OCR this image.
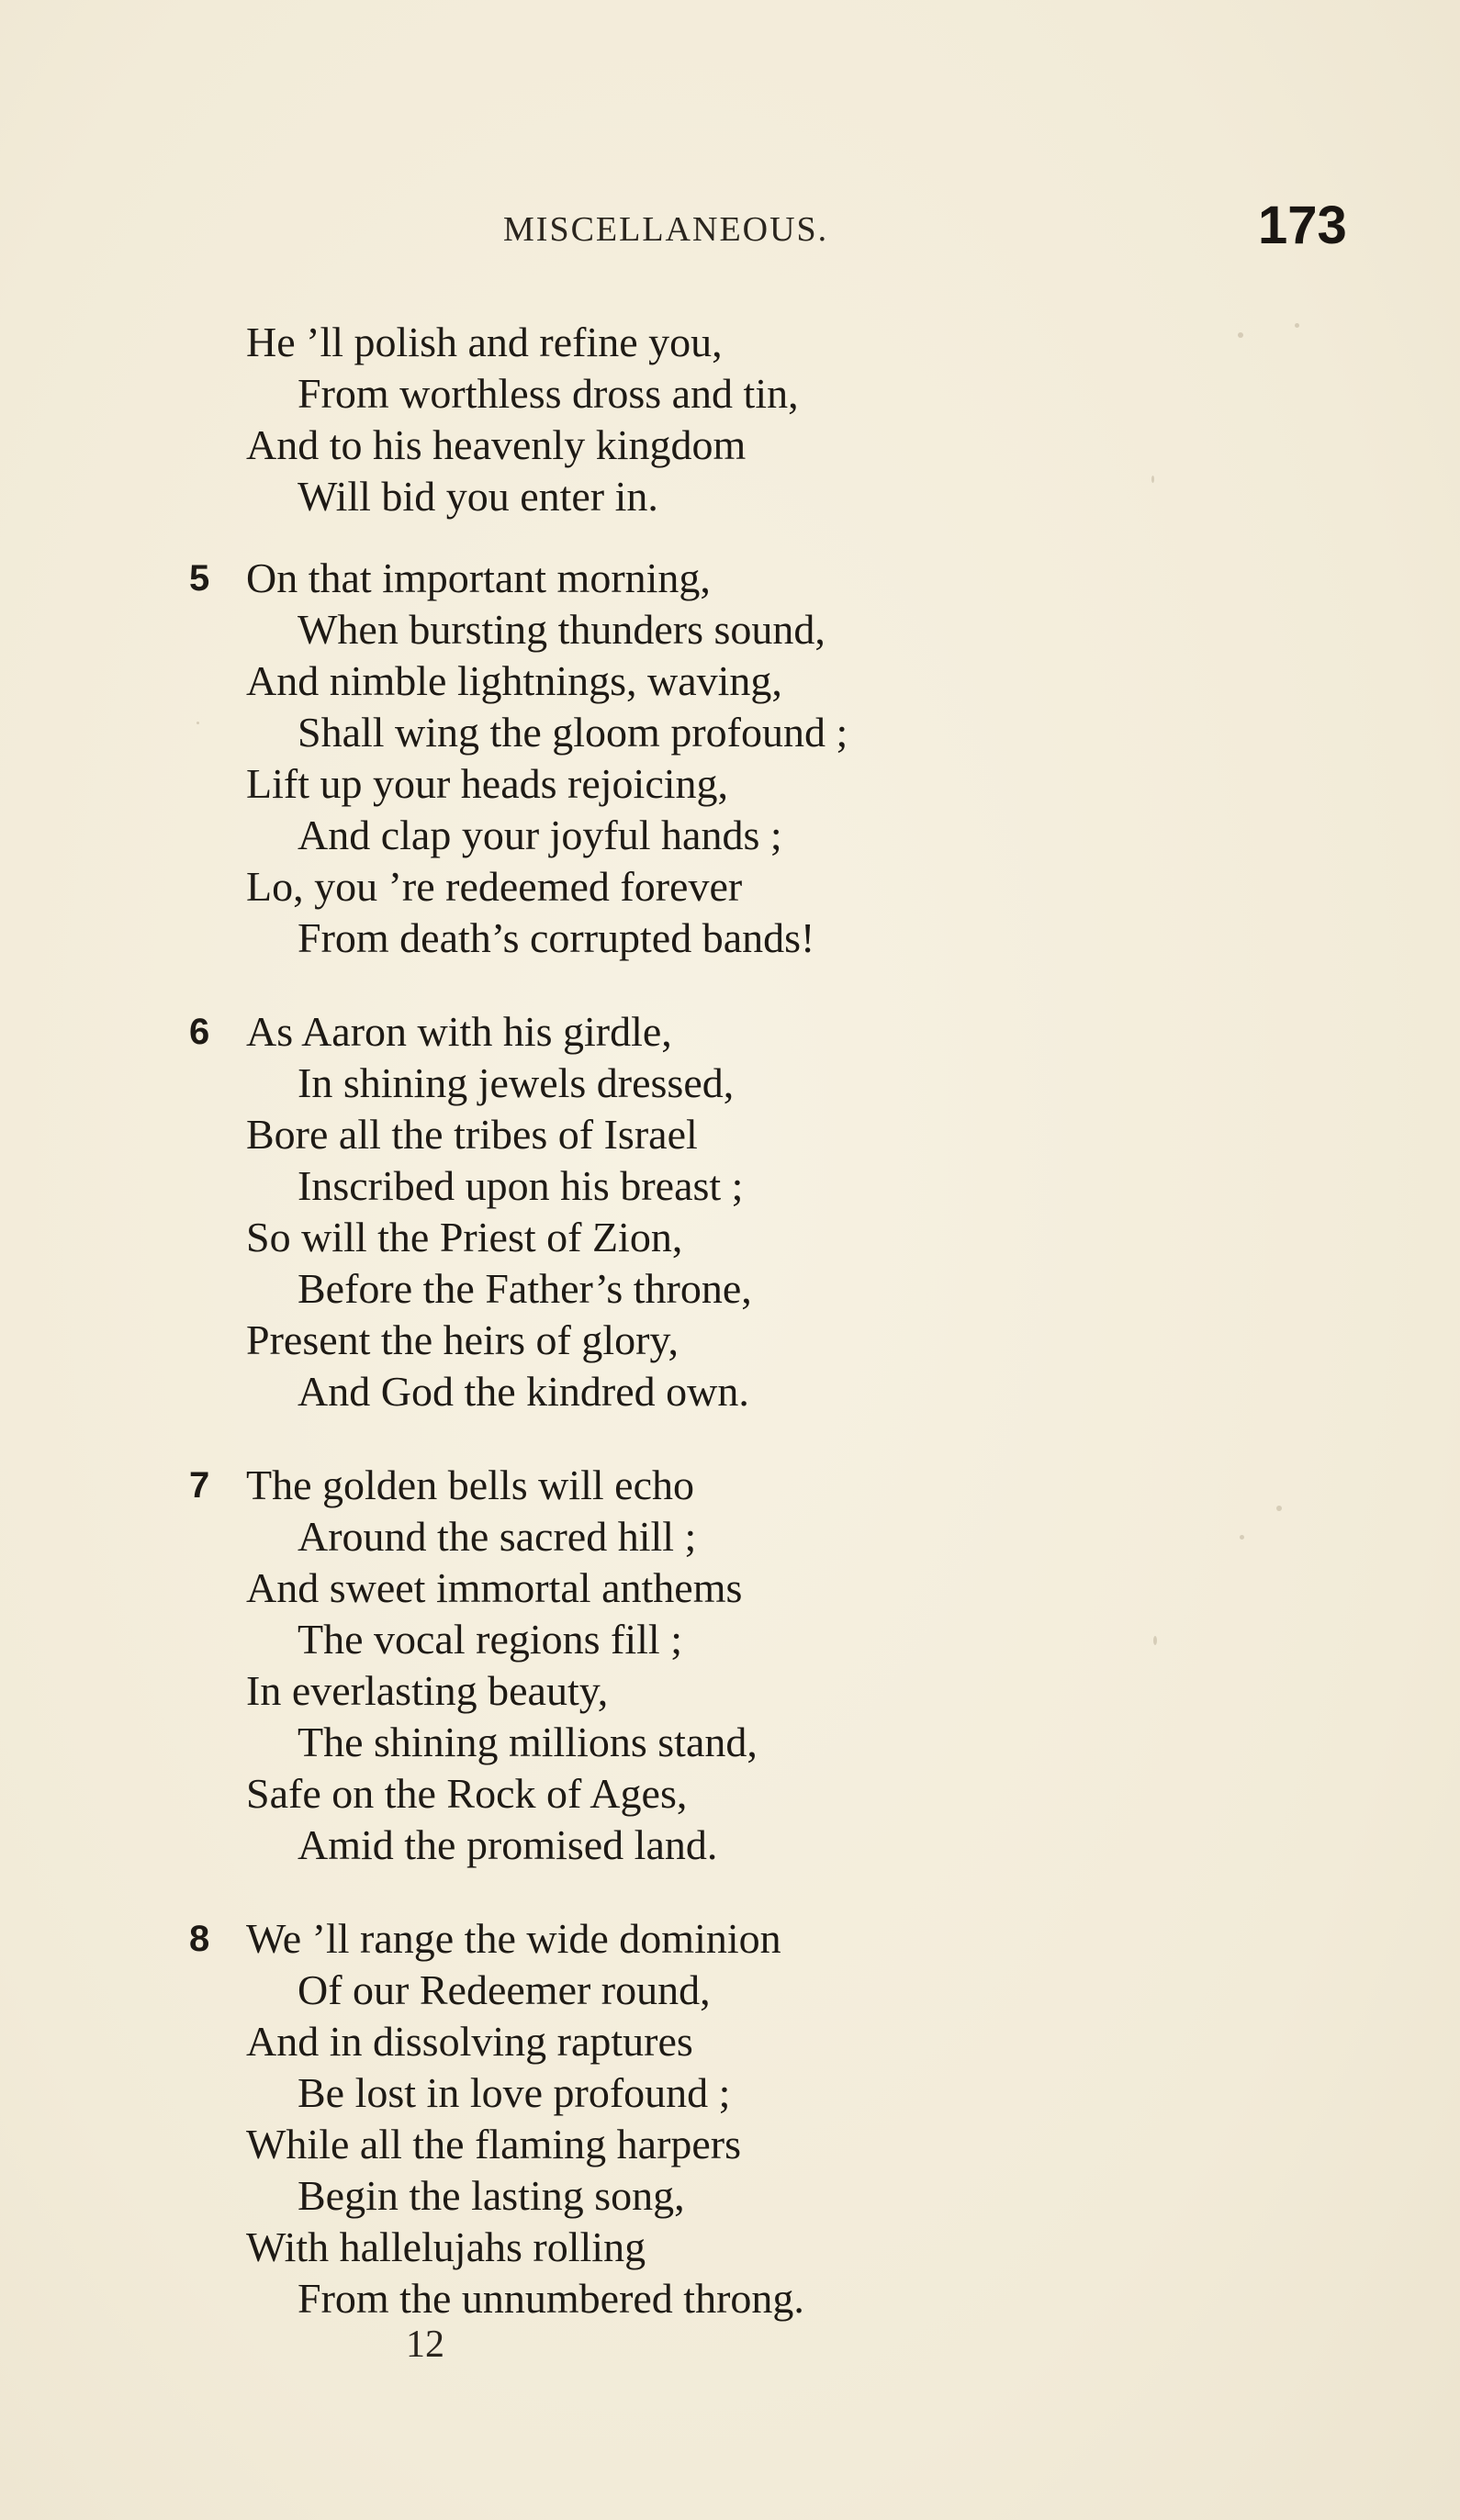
MISCELLANEOUS.	173
He ’ll polish and refine you,
From worthless dross and tin,
And to his heavenly kingdom
Will bid you enter in.
5 On that important morning,
When bursting thunders sound,
And nimble lightnings, waving,
Shall wing the gloom profound ;
Lift up your heads rejoicing,
And clap your joyful hands ;
Lo, you ’re redeemed forever
From death’s corrupted bands!
6 As Aaron with his girdle,
In shining jewels dressed,
Bore all the tribes of Israel
Inscribed upon his breast ;
So will the Priest of Zion,
Before the Father’s throne,
Present the heirs of glory,
And God the kindred own.
7 The golden bells will echo
Around the sacred hill ;
And sweet immortal anthems
The vocal regions fill ;
In everlasting beauty,
The shining millions stand,
Safe on the Rock of Ages,
Amid the promised land.
8 We ’ll range the wide dominion
Of our Redeemer round,
And in dissolving raptures
Be lost in love profound ;
While all the flaming harpers
Begin the lasting song,
With hallelujahs rolling
From the unnumbered throng.
12
